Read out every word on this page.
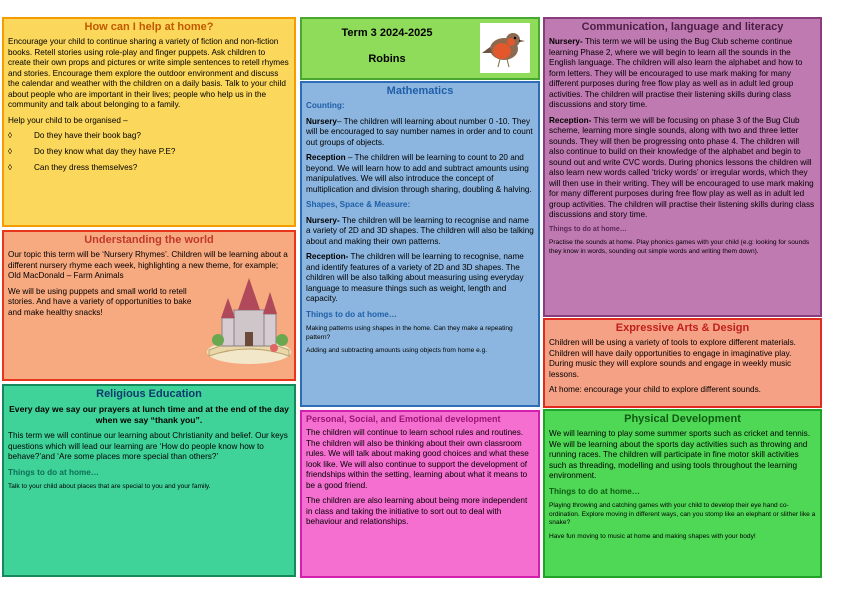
How can I help at home?

Encourage your child to continue sharing a variety of fiction and non-fiction books. Retell stories using role-play and finger puppets. Ask children to create their own props and pictures or write simple sentences to retell rhymes and stories. Encourage them explore the outdoor environment and discuss the calendar and weather with the children on a daily basis. Talk to your child about people who are important in their lives; people who help us in the community and talk about belonging to a family.

Help your child to be organised –

◊	Do they have their book bag?
◊	Do they know what day they have P.E?
◊	Can they dress themselves?
Understanding the world

Our topic this term will be ‘Nursery Rhymes’. Children will be learning about a different nursery rhyme each week, highlighting a new theme, for example;
Old MacDonald – Farm Animals

We will be using puppets and small world to retell stories. And have a variety of opportunities to bake and make healthy snacks!

Religious Education

Every day we say our prayers at lunch time and at the end of the day when we say “thank you”.

This term we will continue our learning about Christianity and belief. Our keys questions which will lead our learning are ‘How do people know how to behave?’and ‘Are some places more special than others?’

Things to do at home…

Talk to your child about places that are special to you and your family.

Term 3 2024-2025
Robins
Mathematics

Counting:

Nursery– The children will learning about number 0 -10. They will be encouraged to say number names in order and to count out groups of objects.

Reception – The children will be learning to count to 20 and beyond. We will learn how to add and subtract amounts using manipulatives. We will also introduce the concept of multiplication and division through sharing, doubling & halving.

Shapes, Space & Measure:

Nursery- The children will be learning to recognise and name a variety of 2D and 3D shapes. The children will also be talking about and making their own patterns.

Reception- The children will be learning to recognise, name and identify features of a variety of 2D and 3D shapes. The children will be also talking about measuring using everyday language to measure things such as weight, length and capacity.

Things to do at home…

Making patterns using shapes in the home. Can they make a repeating pattern?

Adding and subtracting amounts using objects from home e.g.

Personal, Social, and Emotional development

The children will continue to learn school rules and routines. The children will also be thinking about their own classroom rules. We will talk about making good choices and what these look like. We will also continue to support the development of friendships within the setting, learning about what it means to be a good friend.

The children are also learning about being more independent in class and taking the initiative to sort out to deal with behaviour and relationships.

Communication, language and literacy

Nursery- This term we will be using the Bug Club scheme continue learning Phase 2, where we will begin to learn all the sounds in the English language. The children will also learn the alphabet and how to form letters. They will be encouraged to use mark making for many different purposes during free flow play as well as in adult led group activities. The children will practise their listening skills during class discussions and story time.

Reception- This term we will be focusing on phase 3 of the Bug Club scheme, learning more single sounds, along with two and three letter sounds. They will then be progressing onto phase 4. The children will also continue to build on their knowledge of the alphabet and begin to sound out and write CVC words. During phonics lessons the children will also learn new words called ‘tricky words’ or irregular words, which they will then use in their writing. They will be encouraged to use mark making for many different purposes during free flow play as well as in adult led group activities. The children will practise their listening skills during class discussions and story time.

Things to do at home…

Practise the sounds at home. Play phonics games with your child (e.g: looking for sounds they know in words, sounding out simple words and writing them down).

Expressive Arts & Design

Children will be using a variety of tools to explore different materials. Children will have daily opportunities to engage in imaginative play. During music they will explore sounds and engage in weekly music lessons.

At home: encourage your child to explore different sounds.

Physical Development

We will learning to play some summer sports such as cricket and tennis. We will be learning about the sports day activities such as throwing and running races. The children will participate in fine motor skill activities such as threading, modelling and using tools throughout the learning environment.

Things to do at home…

Playing throwing and catching games with your child to develop their eye hand co-ordination. Explore moving in different ways, can you stomp like an elephant or slither like a snake?

Have fun moving to music at home and making shapes with your body!
